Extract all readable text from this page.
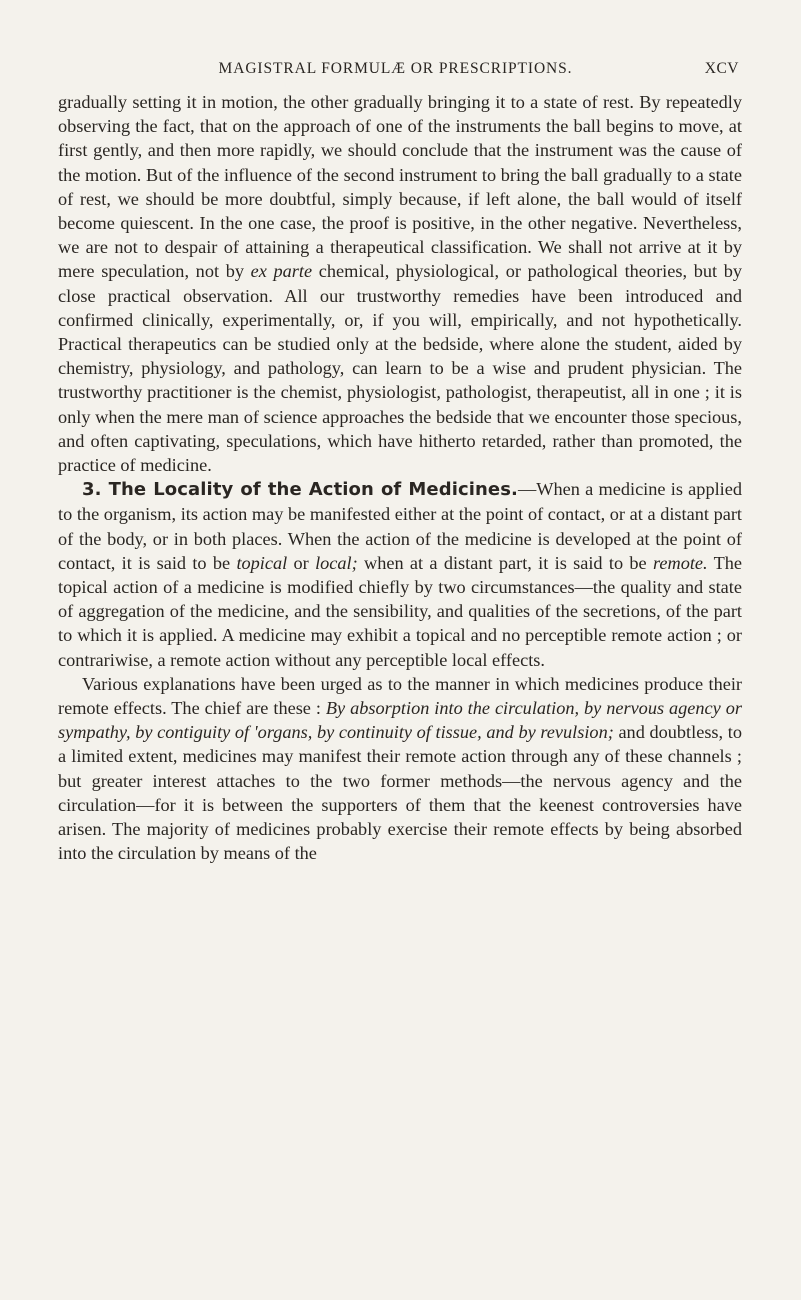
MAGISTRAL FORMULÆ OR PRESCRIPTIONS.	XCV

gradually setting it in motion, the other gradually bringing it to a state of rest. By repeatedly observing the fact, that on the approach of one of the instruments the ball begins to move, at first gently, and then more rapidly, we should conclude that the instrument was the cause of the motion. But of the influence of the second instrument to bring the ball gradually to a state of rest, we should be more doubtful, simply because, if left alone, the ball would of itself become quiescent. In the one case, the proof is positive, in the other negative. Nevertheless, we are not to despair of attaining a therapeutical classification. We shall not arrive at it by mere speculation, not by ex parte chemical, physiological, or pathological theories, but by close practical observation. All our trustworthy remedies have been introduced and confirmed clinically, experimentally, or, if you will, empirically, and not hypothetically. Practical therapeutics can be studied only at the bedside, where alone the student, aided by chemistry, physiology, and pathology, can learn to be a wise and prudent physician. The trustworthy practitioner is the chemist, physiologist, pathologist, therapeutist, all in one ; it is only when the mere man of science approaches the bedside that we encounter those specious, and often captivating, speculations, which have hitherto retarded, rather than promoted, the practice of medicine.

3. The Locality of the Action of Medicines.—When a medicine is applied to the organism, its action may be manifested either at the point of contact, or at a distant part of the body, or in both places. When the action of the medicine is developed at the point of contact, it is said to be topical or local; when at a distant part, it is said to be remote. The topical action of a medicine is modified chiefly by two circumstances—the quality and state of aggregation of the medicine, and the sensibility, and qualities of the secretions, of the part to which it is applied. A medicine may exhibit a topical and no perceptible remote action ; or contrariwise, a remote action without any perceptible local effects.

Various explanations have been urged as to the manner in which medicines produce their remote effects. The chief are these : By absorption into the circulation, by nervous agency or sympathy, by contiguity of 'organs, by continuity of tissue, and by revulsion; and doubtless, to a limited extent, medicines may manifest their remote action through any of these channels ; but greater interest attaches to the two former methods—the nervous agency and the circulation—for it is between the supporters of them that the keenest controversies have arisen. The majority of medicines probably exercise their remote effects by being absorbed into the circulation by means of the
